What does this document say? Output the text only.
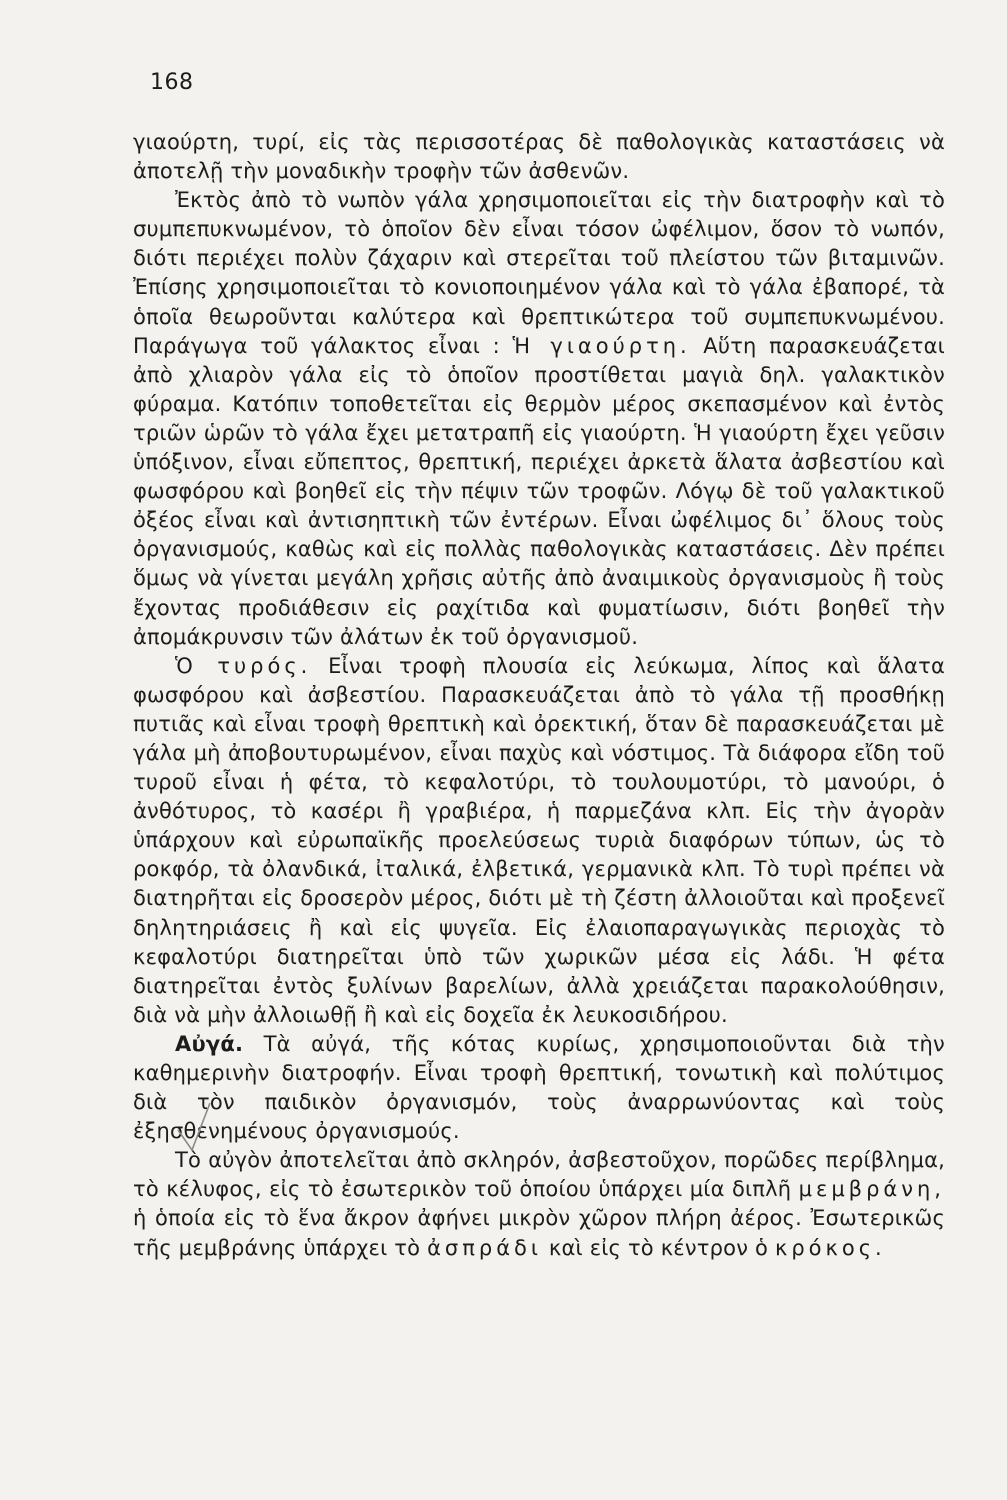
168

γιαούρτη, τυρί, εἰς τὰς περισσοτέρας δὲ παθολογικὰς καταστάσεις νὰ ἀποτελῇ τὴν μοναδικὴν τροφὴν τῶν ἀσθενῶν.

Ἐκτὸς ἀπὸ τὸ νωπὸν γάλα χρησιμοποιεῖται εἰς τὴν διατροφὴν καὶ τὸ συμπεπυκνωμένον, τὸ ὁποῖον δὲν εἶναι τόσον ὠφέλιμον, ὅσον τὸ νωπόν, διότι περιέχει πολὺν ζάχαριν καὶ στερεῖται τοῦ πλείστου τῶν βιταμινῶν. Ἐπίσης χρησιμοποιεῖται τὸ κονιοποιημένον γάλα καὶ τὸ γάλα ἐβαπορέ, τὰ ὁποῖα θεωροῦνται καλύτερα καὶ θρεπτικώτερα τοῦ συμπεπυκνωμένου. Παράγωγα τοῦ γάλακτος εἶναι : Ἡ γιαούρτη. Αὕτη παρασκευάζεται ἀπὸ χλιαρὸν γάλα εἰς τὸ ὁποῖον προστίθεται μαγιὰ δηλ. γαλακτικὸν φύραμα. Κατόπιν τοποθετεῖται εἰς θερμὸν μέρος σκεπασμένον καὶ ἐντὸς τριῶν ὡρῶν τὸ γάλα ἔχει μετατραπῆ εἰς γιαούρτη. Ἡ γιαούρτη ἔχει γεῦσιν ὑπόξινον, εἶναι εὔπεπτος, θρεπτική, περιέχει ἀρκετὰ ἅλατα ἀσβεστίου καὶ φωσφόρου καὶ βοηθεῖ εἰς τὴν πέψιν τῶν τροφῶν. Λόγῳ δὲ τοῦ γαλακτικοῦ ὀξέος εἶναι καὶ ἀντισηπτικὴ τῶν ἐντέρων. Εἶναι ὠφέλιμος δι᾽ ὅλους τοὺς ὀργανισμούς, καθὼς καὶ εἰς πολλὰς παθολογικὰς καταστάσεις. Δὲν πρέπει ὅμως νὰ γίνεται μεγάλη χρῆσις αὐτῆς ἀπὸ ἀναιμικοὺς ὀργανισμοὺς ἢ τοὺς ἔχοντας προδιάθεσιν εἰς ραχίτιδα καὶ φυματίωσιν, διότι βοηθεῖ τὴν ἀπομάκρυνσιν τῶν ἀλάτων ἐκ τοῦ ὀργανισμοῦ.

Ὁ τυρός. Εἶναι τροφὴ πλουσία εἰς λεύκωμα, λίπος καὶ ἅλατα φωσφόρου καὶ ἀσβεστίου. Παρασκευάζεται ἀπὸ τὸ γάλα τῇ προσθήκῃ πυτιᾶς καὶ εἶναι τροφὴ θρεπτικὴ καὶ ὀρεκτική, ὅταν δὲ παρασκευάζεται μὲ γάλα μὴ ἀποβουτυρωμένον, εἶναι παχὺς καὶ νόστιμος. Τὰ διάφορα εἴδη τοῦ τυροῦ εἶναι ἡ φέτα, τὸ κεφαλοτύρι, τὸ τουλουμοτύρι, τὸ μανούρι, ὁ ἀνθότυρος, τὸ κασέρι ἢ γραβιέρα, ἡ παρμεζάνα κλπ. Εἰς τὴν ἀγορὰν ὑπάρχουν καὶ εὐρωπαϊκῆς προελεύσεως τυριὰ διαφόρων τύπων, ὡς τὸ ροκφόρ, τὰ ὀλανδικά, ἰταλικά, ἐλβετικά, γερμανικὰ κλπ. Τὸ τυρὶ πρέπει νὰ διατηρῆται εἰς δροσερὸν μέρος, διότι μὲ τὴ ζέστη ἀλλοιοῦται καὶ προξενεῖ δηλητηριάσεις ἢ καὶ εἰς ψυγεῖα. Εἰς ἐλαιοπαραγωγικὰς περιοχὰς τὸ κεφαλοτύρι διατηρεῖται ὑπὸ τῶν χωρικῶν μέσα εἰς λάδι. Ἡ φέτα διατηρεῖται ἐντὸς ξυλίνων βαρελίων, ἀλλὰ χρειάζεται παρακολούθησιν, διὰ νὰ μὴν ἀλλοιωθῇ ἢ καὶ εἰς δοχεῖα ἐκ λευκοσιδήρου.

Αὐγά. Τὰ αὐγά, τῆς κότας κυρίως, χρησιμοποιοῦνται διὰ τὴν καθημερινὴν διατροφήν. Εἶναι τροφὴ θρεπτική, τονωτικὴ καὶ πολύτιμος διὰ τὸν παιδικὸν ὀργανισμόν, τοὺς ἀναρρωνύοντας καὶ τοὺς ἐξησθενημένους ὀργανισμούς.

Τὸ αὐγὸν ἀποτελεῖται ἀπὸ σκληρόν, ἀσβεστοῦχον, πορῶδες περίβλημα, τὸ κέλυφος, εἰς τὸ ἐσωτερικὸν τοῦ ὁποίου ὑπάρχει μία διπλῆ μεμβράνη, ἡ ὁποία εἰς τὸ ἕνα ἄκρον ἀφήνει μικρὸν χῶρον πλήρη ἀέρος. Ἐσωτερικῶς τῆς μεμβράνης ὑπάρχει τὸ ἀσπράδι καὶ εἰς τὸ κέντρον ὁ κρόκος.
